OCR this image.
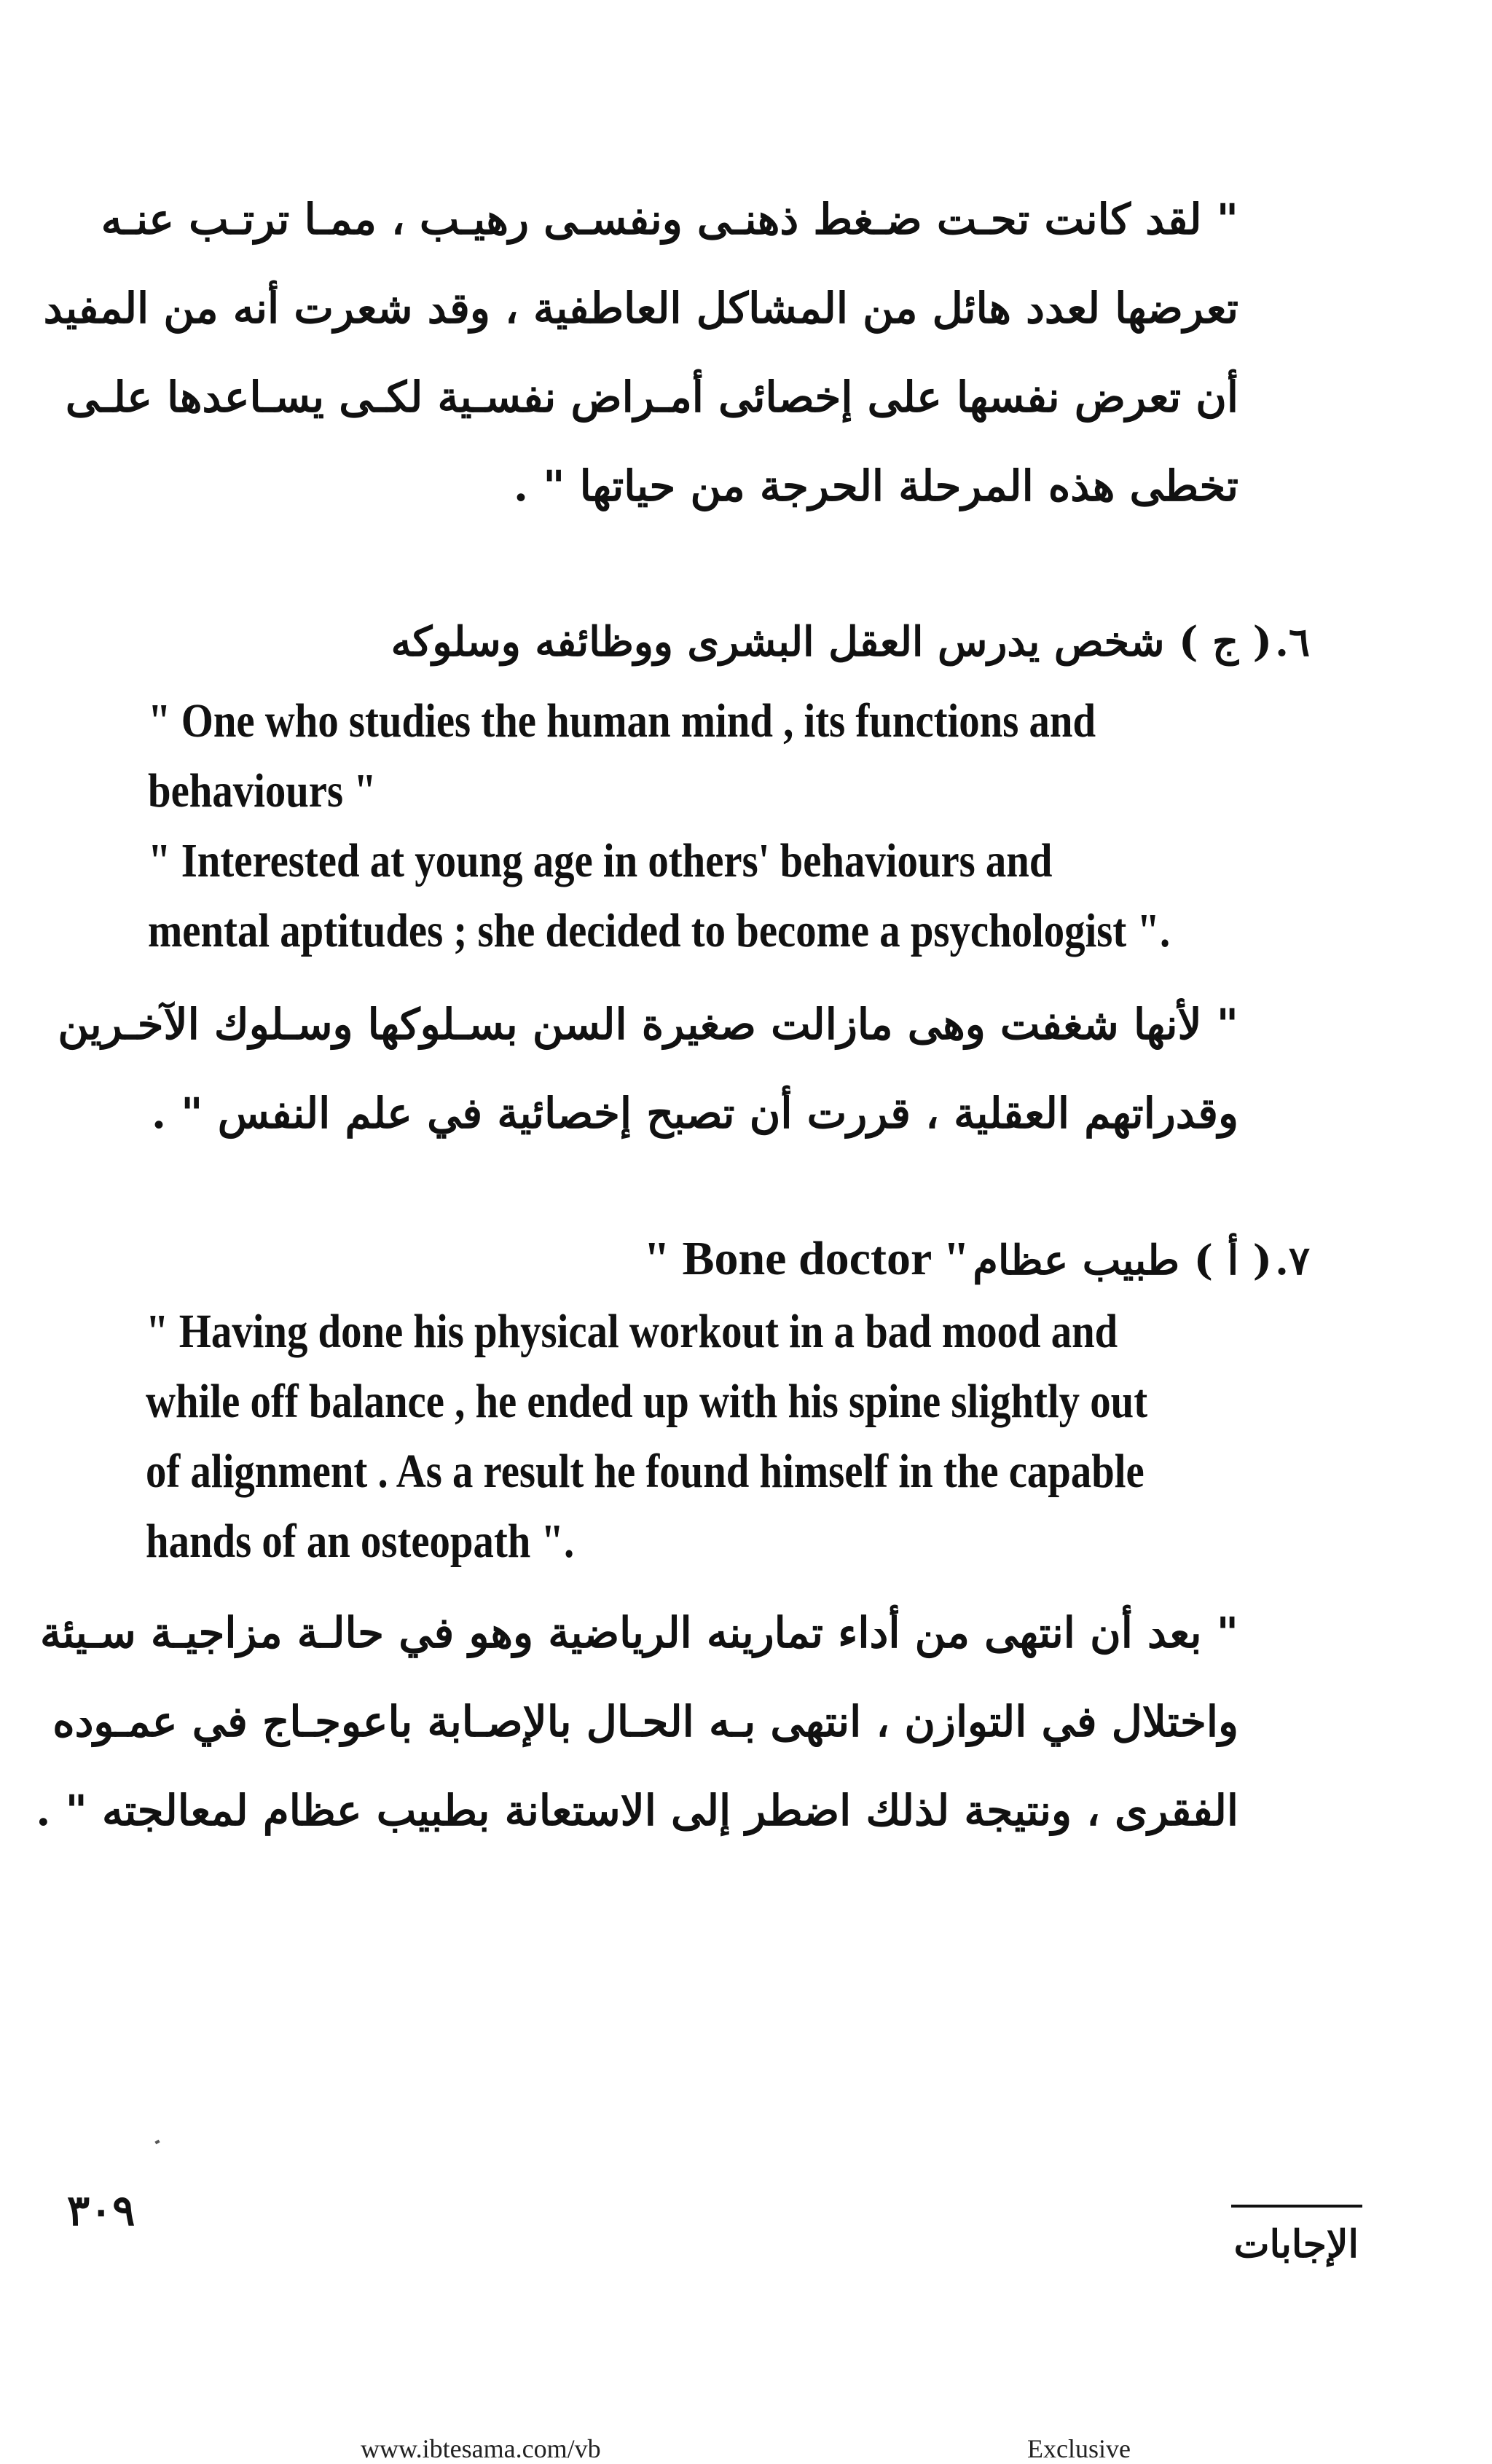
" لقد كانت تحـت ضـغط ذهنـى ونفسـى رهيـب ، ممـا ترتـب عنـه
تعرضها لعدد هائل من المشاكل العاطفية ، وقد شعرت أنه من المفيد
أن تعرض نفسها على إخصائى أمـراض نفسـية لكـى يسـاعدها علـى
تخطى هذه المرحلة الحرجة من حياتها " .
٦. ( ج ) شخص يدرس العقل البشرى ووظائفه وسلوكه
" One who studies the human mind , its functions and
behaviours "
" Interested at young age in others' behaviours and
mental aptitudes ; she decided to become a psychologist ".
" لأنها شغفت وهى مازالت صغيرة السن بسـلوكها وسـلوك الآخـرين
وقدراتهم العقلية ، قررت أن تصبح إخصائية في علم النفس " .
٧. ( أ ) طبيب عظام " Bone doctor "
" Having done his physical workout in a bad mood and
while off balance , he ended up with his spine slightly out
of alignment . As a result he found himself in the capable
hands of an osteopath ".
" بعد أن انتهى من أداء تمارينه الرياضية وهو في حالـة مزاجيـة سـيئة
واختلال في التوازن ، انتهى بـه الحـال بالإصـابة باعوجـاج في عمـوده
الفقرى ، ونتيجة لذلك اضطر إلى الاستعانة بطبيب عظام لمعالجته " .
٣٠٩
الإجابات
www.ibtesama.com/vb	Exclusive
